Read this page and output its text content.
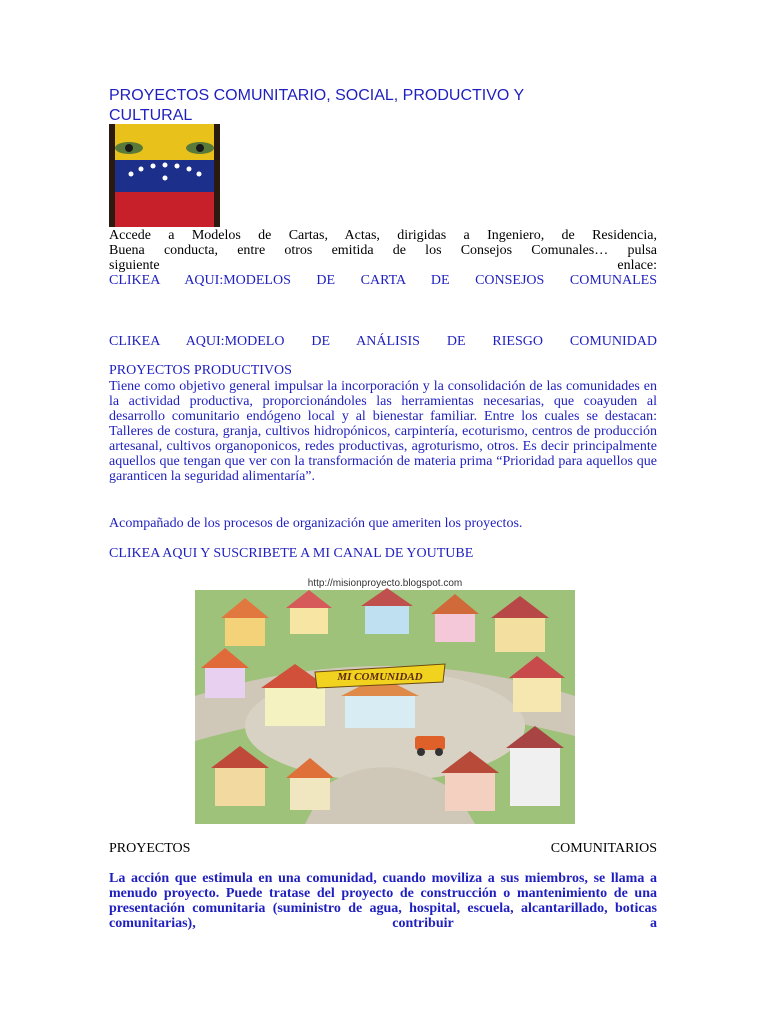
PROYECTOS COMUNITARIO, SOCIAL, PRODUCTIVO Y CULTURAL
Accede a Modelos de Cartas, Actas, dirigidas a Ingeniero, de Residencia,
Buena conducta, entre otros emitida de los Consejos Comunales… pulsa
siguiente	enlace:
CLIKEA AQUI:MODELOS DE CARTA DE CONSEJOS COMUNALES
CLIKEA AQUI:MODELO DE ANÁLISIS DE RIESGO COMUNIDAD
PROYECTOS PRODUCTIVOS

Tiene como objetivo general impulsar la incorporación y la consolidación de las comunidades en la actividad productiva, proporcionándoles las herramientas necesarias, que coayuden al desarrollo comunitario endógeno local y al bienestar familiar. Entre los cuales se destacan: Talleres de costura, granja, cultivos hidropónicos, carpintería, ecoturismo, centros de producción artesanal, cultivos organoponicos, redes productivas, agroturismo, otros. Es decir principalmente aquellos que tengan que ver con la transformación de materia prima “Prioridad para aquellos que garanticen la seguridad alimentaría”.

Acompañado de los procesos de organización que ameriten los proyectos.

CLIKEA AQUI Y SUSCRIBETE A MI CANAL DE YOUTUBE
MI COMUNIDAD
http://misionproyecto.blogspot.com
PROYECTOS	COMUNITARIOS

La acción que estimula en una comunidad, cuando moviliza a sus miembros, se llama a menudo proyecto. Puede tratase del proyecto de construcción o mantenimiento de una presentación comunitaria (suministro de agua, hospital, escuela, alcantarillado, boticas comunitarias), contribuir a
